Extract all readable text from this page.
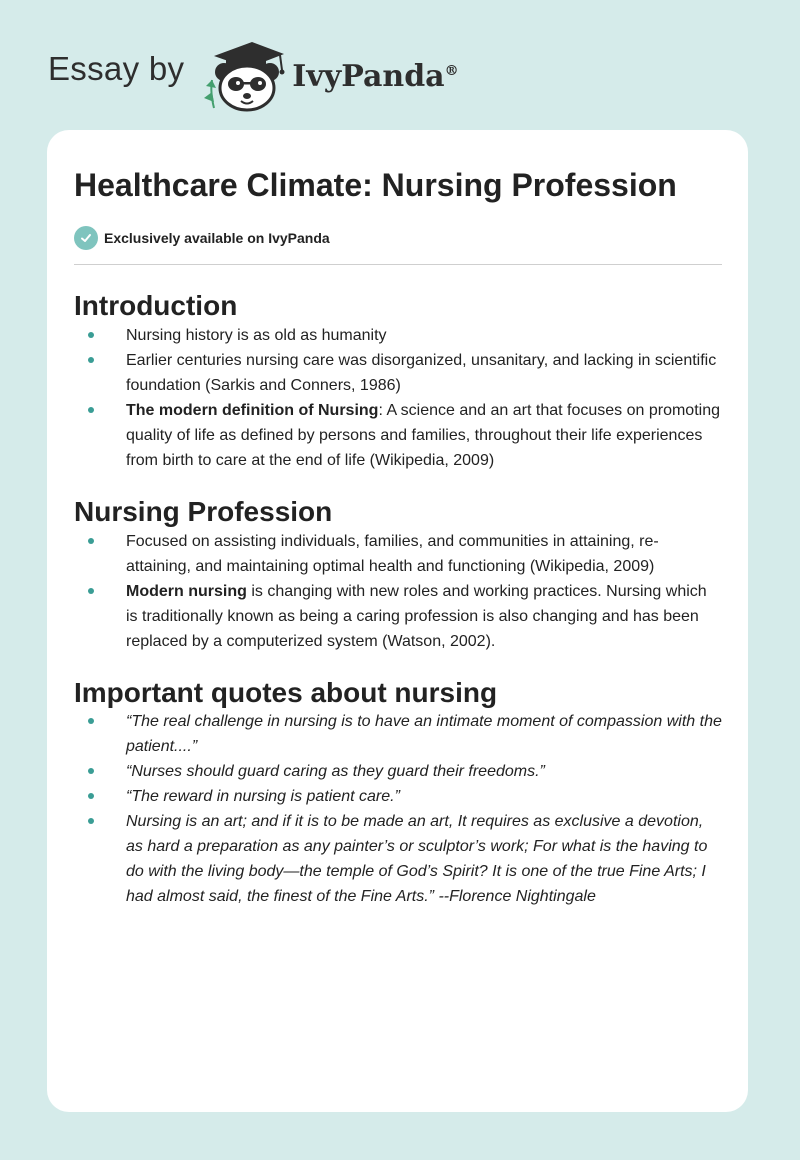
Essay by	IvyPanda®
Healthcare Climate: Nursing Profession
Exclusively available on IvyPanda
Introduction
Nursing history is as old as humanity
Earlier centuries nursing care was disorganized, unsanitary, and lacking in scientific foundation (Sarkis and Conners, 1986)
The modern definition of Nursing: A science and an art that focuses on promoting quality of life as defined by persons and families, throughout their life experiences from birth to care at the end of life (Wikipedia, 2009)
Nursing Profession
Focused on assisting individuals, families, and communities in attaining, re-attaining, and maintaining optimal health and functioning (Wikipedia, 2009)
Modern nursing is changing with new roles and working practices. Nursing which is traditionally known as being a caring profession is also changing and has been replaced by a computerized system (Watson, 2002).
Important quotes about nursing
“The real challenge in nursing is to have an intimate moment of compassion with the patient....”
“Nurses should guard caring as they guard their freedoms.”
“The reward in nursing is patient care.”
Nursing is an art; and if it is to be made an art, It requires as exclusive a devotion, as hard a preparation as any painter’s or sculptor’s work; For what is the having to do with the living body—the temple of God’s Spirit? It is one of the true Fine Arts; I had almost said, the finest of the Fine Arts.” --Florence Nightingale
